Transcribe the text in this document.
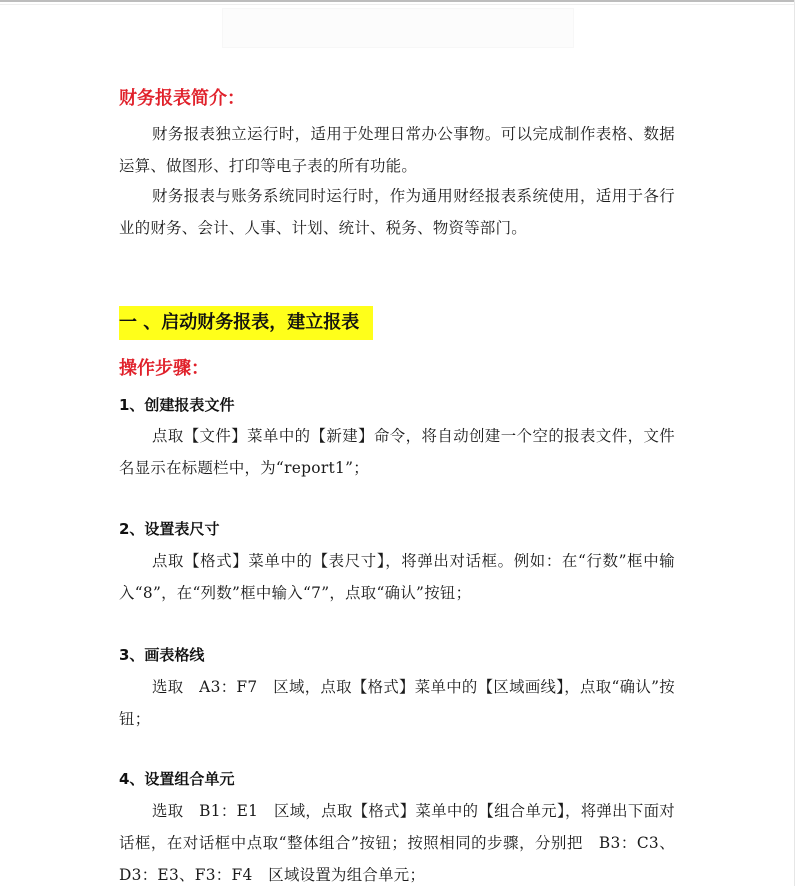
财务报表简介：
财务报表独立运行时，适用于处理日常办公事物。可以完成制作表格、数据运算、做图形、打印等电子表的所有功能。
财务报表与账务系统同时运行时，作为通用财经报表系统使用，适用于各行业的财务、会计、人事、计划、统计、税务、物资等部门。
一 、启动财务报表，建立报表
操作步骤：
1、创建报表文件
点取【文件】菜单中的【新建】命令，将自动创建一个空的报表文件，文件名显示在标题栏中，为“report1”；
2、设置表尺寸
点取【格式】菜单中的【表尺寸】，将弹出对话框。例如：在“行数”框中输入“8”，在“列数”框中输入“7”，点取“确认”按钮；
3、画表格线
选取　A3：F7　区域，点取【格式】菜单中的【区域画线】，点取“确认”按钮；
4、设置组合单元
选取　B1：E1　区域，点取【格式】菜单中的【组合单元】，将弹出下面对话框，在对话框中点取“整体组合”按钮；按照相同的步骤，分别把　B3：C3、D3：E3、F3：F4　区域设置为组合单元；
